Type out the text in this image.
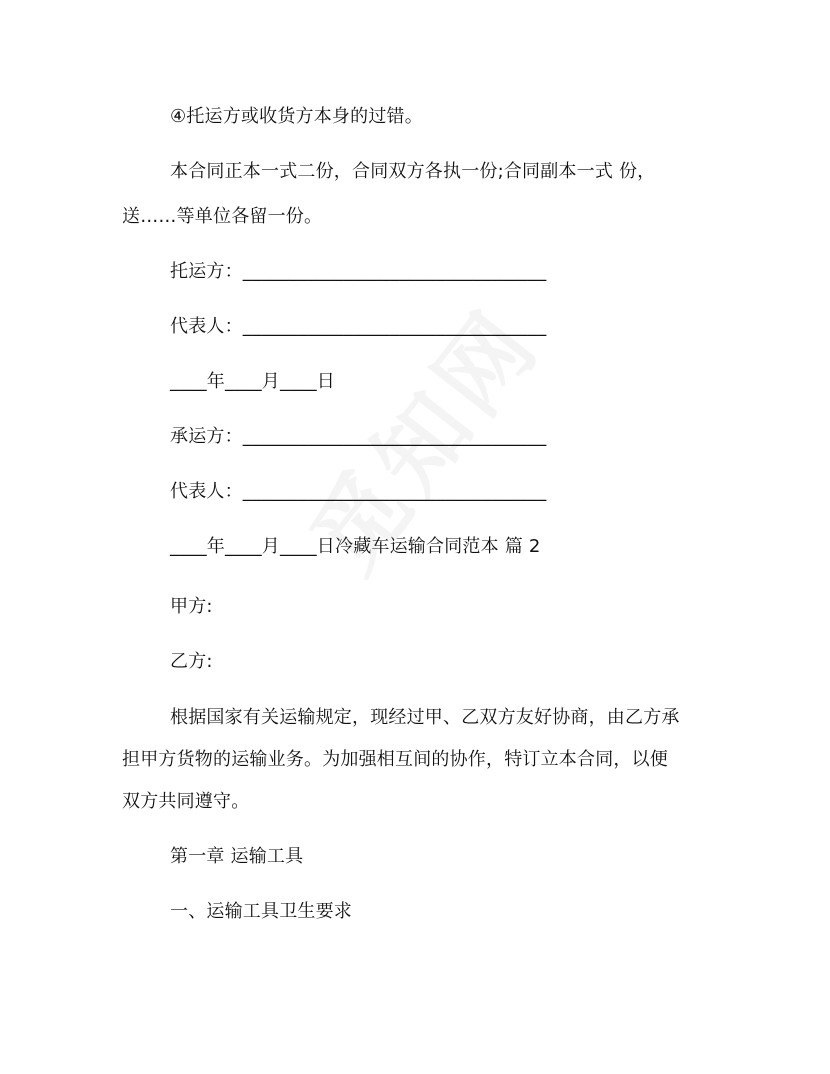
④托运方或收货方本身的过错。
本合同正本一式二份，合同双方各执一份;合同副本一式 份，
送……等单位各留一份。
托运方：_________________________________
代表人：_________________________________
____年____月____日
承运方：_________________________________
代表人：_________________________________
____年____月____日冷藏车运输合同范本 篇 2
甲方:
乙方:
根据国家有关运输规定，现经过甲、乙双方友好协商，由乙方承
担甲方货物的运输业务。为加强相互间的协作，特订立本合同，以便
双方共同遵守。
第一章 运输工具
一、运输工具卫生要求
